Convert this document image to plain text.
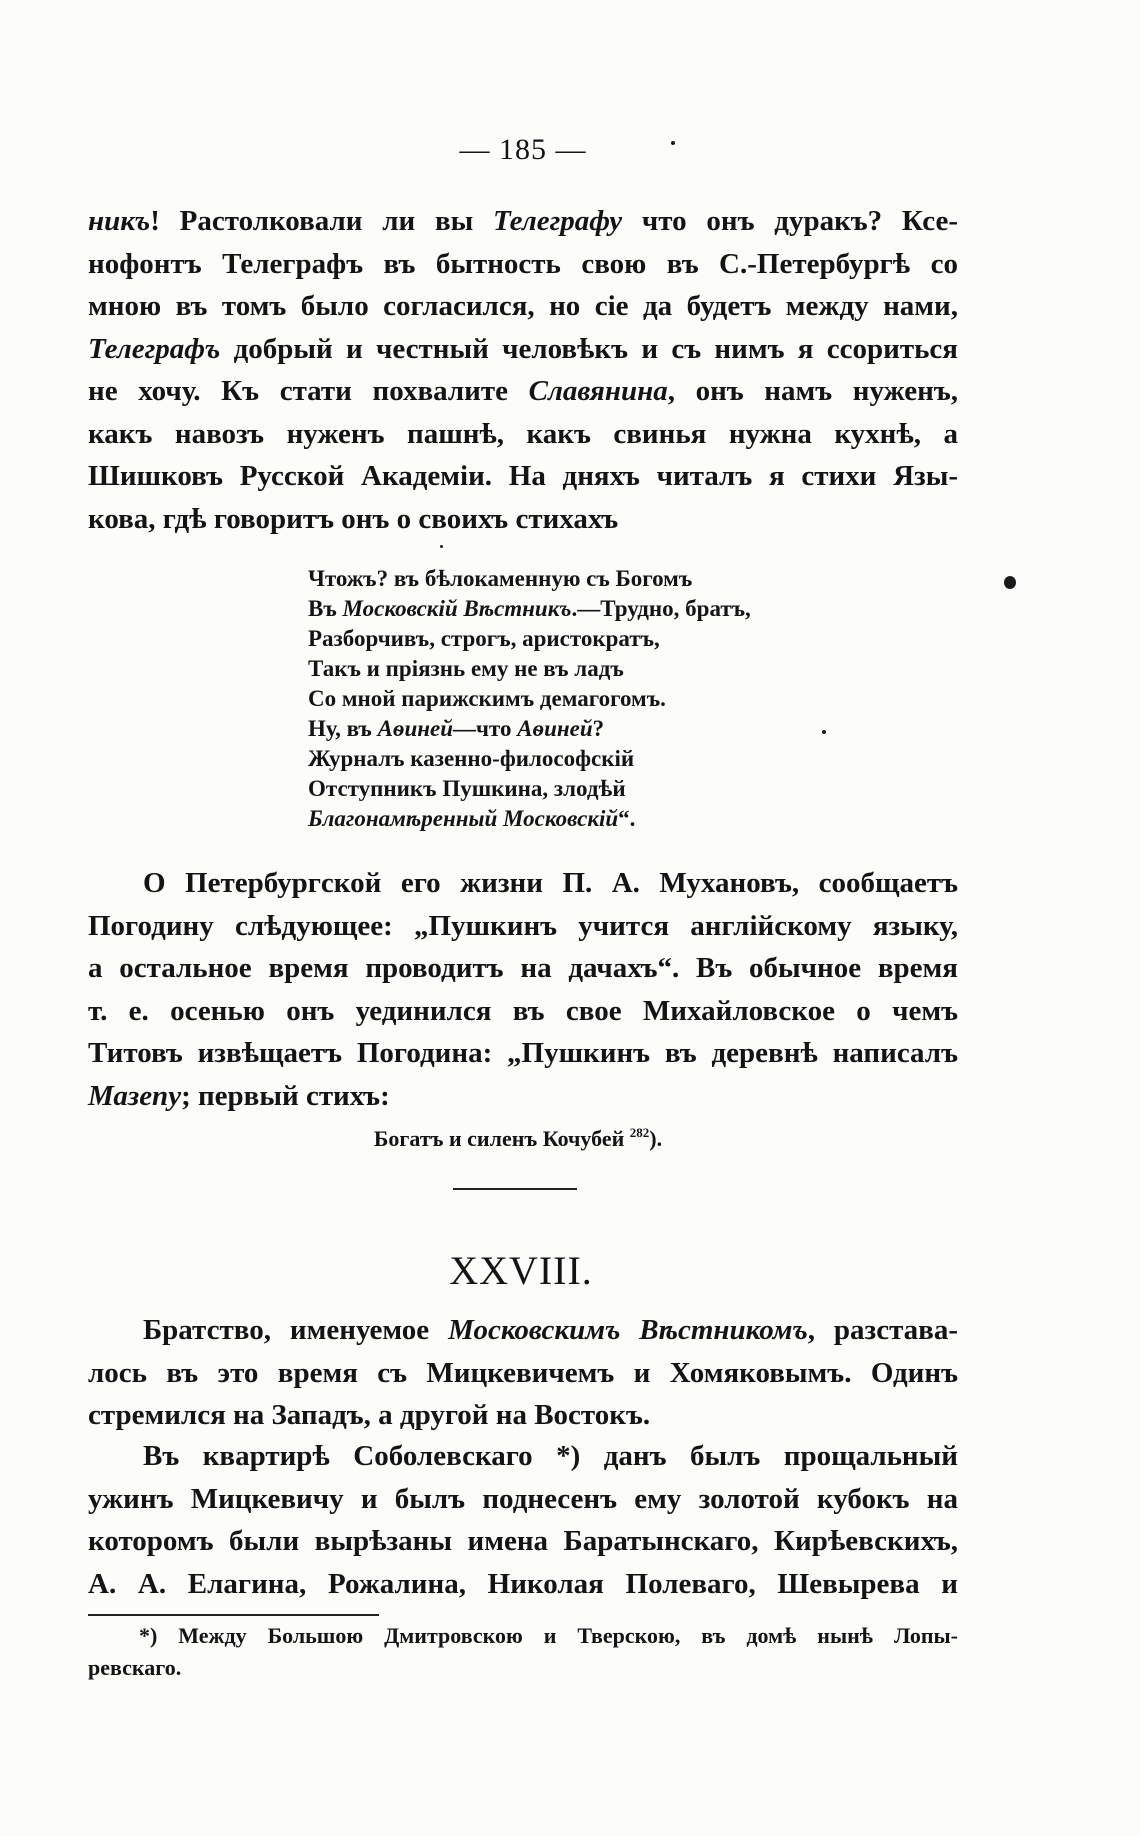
— 185 —
никъ! Растолковали ли вы Телеграфу что онъ дуракъ? Ксе-
нофонтъ Телеграфъ въ бытность свою въ С.-Петербургѣ со
мною въ томъ было согласился, но сіе да будетъ между нами,
Телеграфъ добрый и честный человѣкъ и съ нимъ я ссориться
не хочу. Къ стати похвалите Славянина, онъ намъ нуженъ,
какъ навозъ нуженъ пашнѣ, какъ свинья нужна кухнѣ, а
Шишковъ Русской Академіи. На дняхъ читалъ я стихи Язы-
кова, гдѣ говоритъ онъ о своихъ стихахъ
Чтожъ? въ бѣлокаменную съ Богомъ
Въ Московскій Вѣстникъ.—Трудно, братъ,
Разборчивъ, строгъ, аристократъ,
Такъ и пріязнь ему не въ ладъ
Со мной парижскимъ демагогомъ.
Ну, въ Аѳиней—что Аѳиней?
Журналъ казенно-философскій
Отступникъ Пушкина, злодѣй
Благонамѣренный Московскій“.
О Петербургской его жизни П. А. Мухановъ, сообщаетъ
Погодину слѣдующее: „Пушкинъ учится англійскому языку,
а остальное время проводитъ на дачахъ“. Въ обычное время
т. е. осенью онъ уединился въ свое Михайловское о чемъ
Титовъ извѣщаетъ Погодина: „Пушкинъ въ деревнѣ написалъ
Мазепу; первый стихъ:
Богатъ и силенъ Кочубей $^{282}$).
XXVIII.
Братство, именуемое Московскимъ Вѣстникомъ, разстава-
лось въ это время съ Мицкевичемъ и Хомяковымъ. Одинъ
стремился на Западъ, а другой на Востокъ.
Въ квартирѣ Соболевскаго *) данъ былъ прощальный
ужинъ Мицкевичу и былъ поднесенъ ему золотой кубокъ на
которомъ были вырѣзаны имена Баратынскаго, Кирѣевскихъ,
А. А. Елагина, Рожалина, Николая Полеваго, Шевырева и
*) Между Большою Дмитровскою и Тверскою, въ домѣ нынѣ Лопы-
ревскаго.
